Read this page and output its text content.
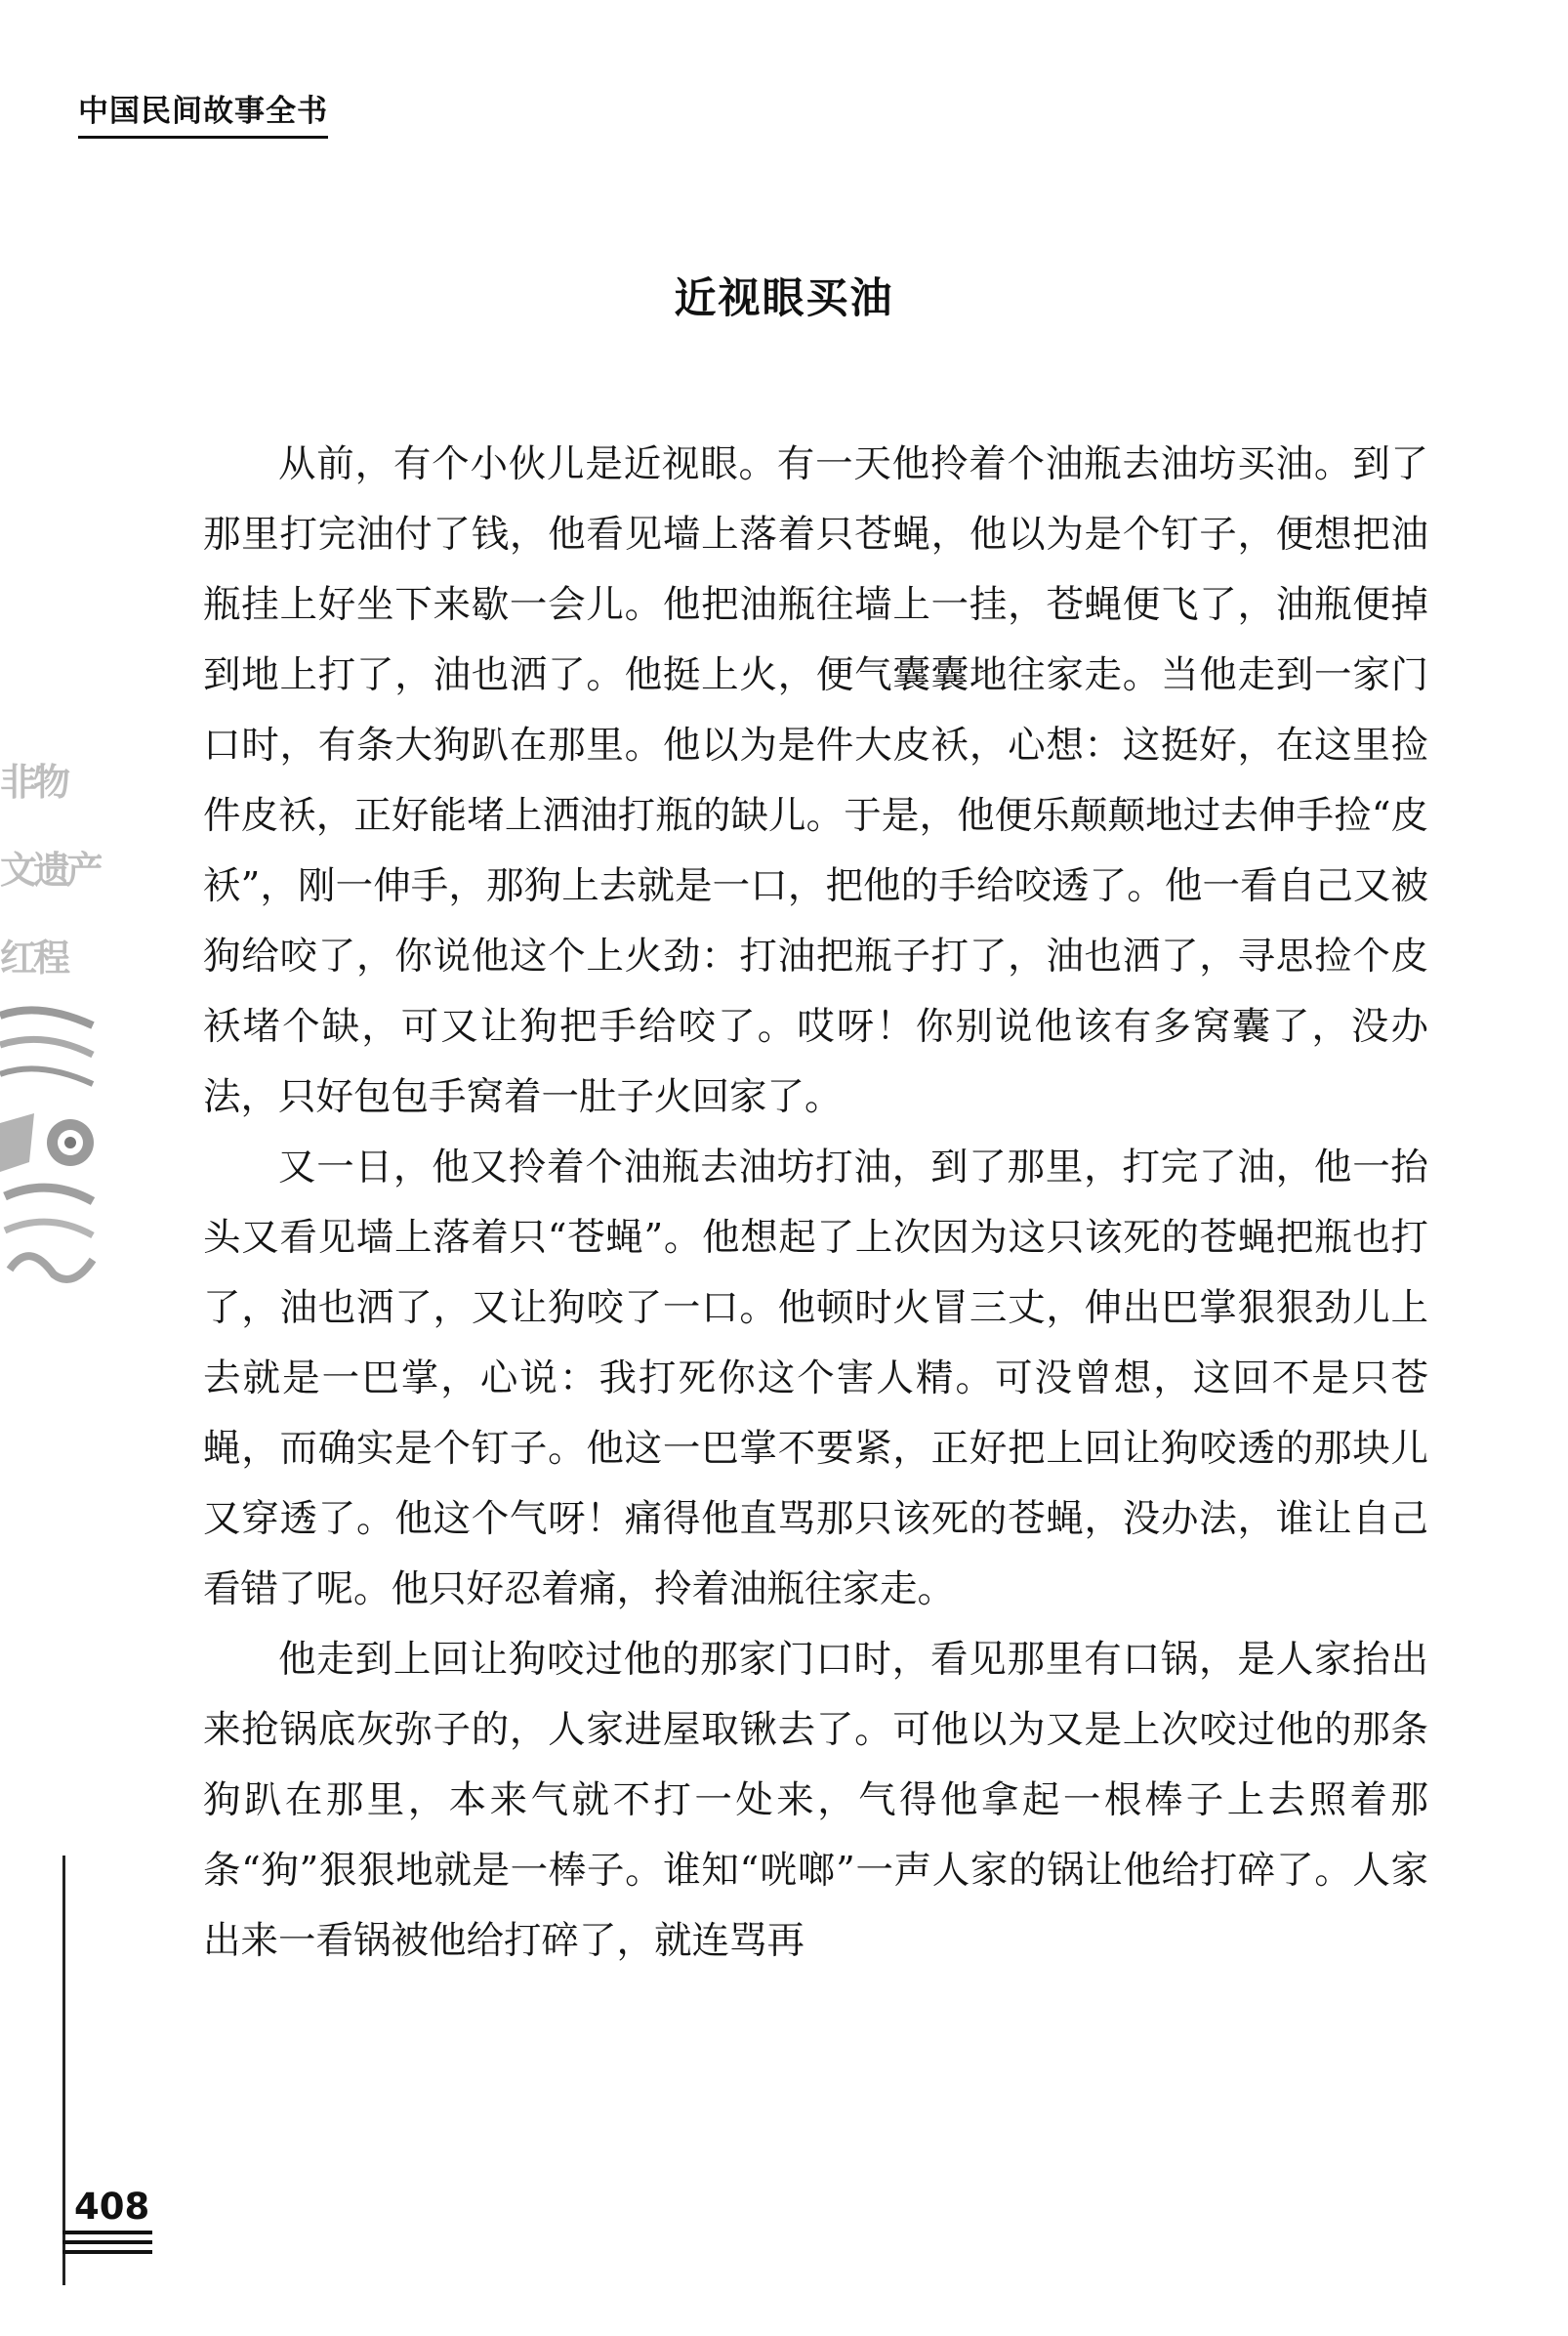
中国民间故事全书
近视眼买油

从前，有个小伙儿是近视眼。有一天他拎着个油瓶去油坊买油。到了那里打完油付了钱，他看见墙上落着只苍蝇，他以为是个钉子，便想把油瓶挂上好坐下来歇一会儿。他把油瓶往墙上一挂，苍蝇便飞了，油瓶便掉到地上打了，油也洒了。他挺上火，便气囊囊地往家走。当他走到一家门口时，有条大狗趴在那里。他以为是件大皮袄，心想：这挺好，在这里捡件皮袄，正好能堵上洒油打瓶的缺儿。于是，他便乐颠颠地过去伸手捡“皮袄”，刚一伸手，那狗上去就是一口，把他的手给咬透了。他一看自己又被狗给咬了，你说他这个上火劲：打油把瓶子打了，油也洒了，寻思捡个皮袄堵个缺，可又让狗把手给咬了。哎呀！你别说他该有多窝囊了，没办法，只好包包手窝着一肚子火回家了。

又一日，他又拎着个油瓶去油坊打油，到了那里，打完了油，他一抬头又看见墙上落着只“苍蝇”。他想起了上次因为这只该死的苍蝇把瓶也打了，油也洒了，又让狗咬了一口。他顿时火冒三丈，伸出巴掌狠狠劲儿上去就是一巴掌，心说：我打死你这个害人精。可没曾想，这回不是只苍蝇，而确实是个钉子。他这一巴掌不要紧，正好把上回让狗咬透的那块儿又穿透了。他这个气呀！痛得他直骂那只该死的苍蝇，没办法，谁让自己看错了呢。他只好忍着痛，拎着油瓶往家走。

他走到上回让狗咬过他的那家门口时，看见那里有口锅，是人家抬出来抢锅底灰弥子的，人家进屋取锹去了。可他以为又是上次咬过他的那条狗趴在那里，本来气就不打一处来，气得他拿起一根棒子上去照着那条“狗”狠狠地就是一棒子。谁知“咣啷”一声人家的锅让他给打碎了。人家出来一看锅被他给打碎了，就连骂再

非物
文遗产
红程
408
